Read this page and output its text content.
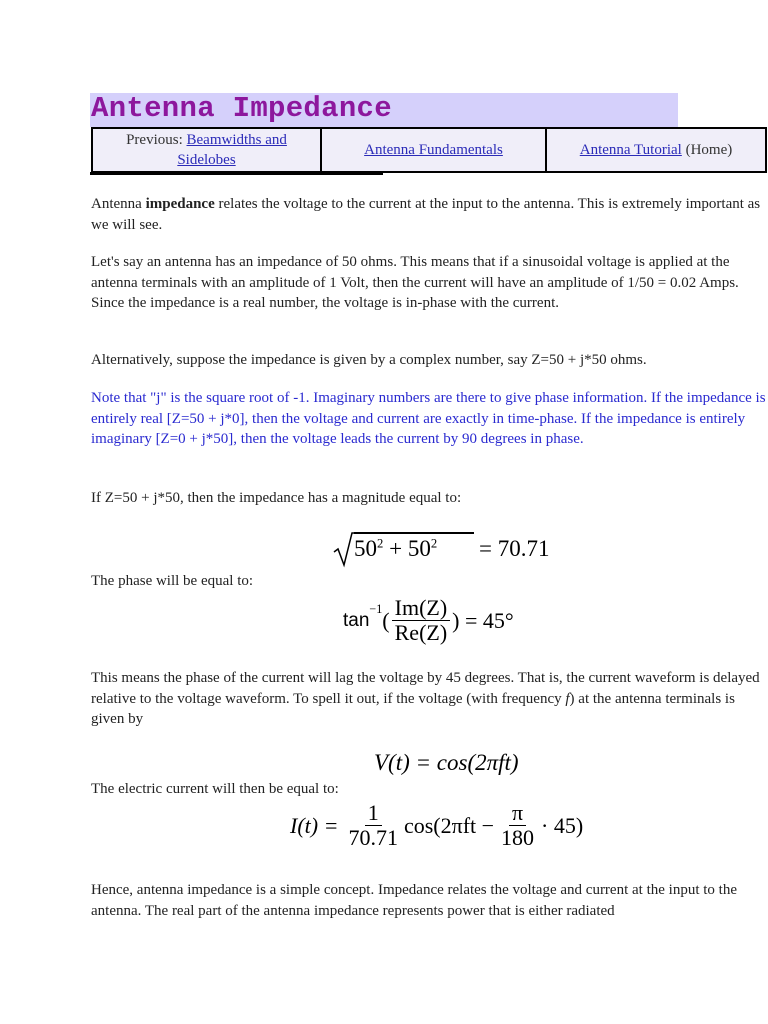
Antenna Impedance
Previous: Beamwidths and
Sidelobes
Antenna Fundamentals	Antenna Tutorial
(Home)

Antenna impedance relates the voltage to the current at the input to the antenna. This is extremely important as we will see.

Let's say an antenna has an impedance of 50 ohms. This means that if a sinusoidal voltage is applied at the antenna terminals with an amplitude of 1 Volt, then the current will have an amplitude of 1/50 = 0.02 Amps. Since the impedance is a real number, the voltage is in-phase with the current.

Alternatively, suppose the impedance is given by a complex number, say Z=50 + j*50 ohms.

Note that "j" is the square root of -1. Imaginary numbers are there to give phase information. If the impedance is entirely real [Z=50 + j*0], then the voltage and current are exactly in time-phase. If the impedance is entirely imaginary [Z=0 + j*50], then the voltage leads the current by 90 degrees in phase.

If Z=50 + j*50, then the impedance has a magnitude equal to:

$50^2 + 50^2 = 70.71$

The phase will be equal to:

tan
−1 ( $\frac{Im(Z)}{Re(Z)}$ ) = 45°

This means the phase of the current will lag the voltage by 45 degrees. That is, the current waveform is delayed relative to the voltage waveform. To spell it out, if the voltage (with frequency f) at the antenna terminals is given by

V(t) = cos(2πft)

The electric current will then be equal to:

$I(t) = \frac{1}{70.71} \cos(2\pi ft - \frac{\pi}{180} \cdot 45)$

Hence, antenna impedance is a simple concept. Impedance relates the voltage and current at the input to the antenna. The real part of the antenna impedance represents power that is either radiated
